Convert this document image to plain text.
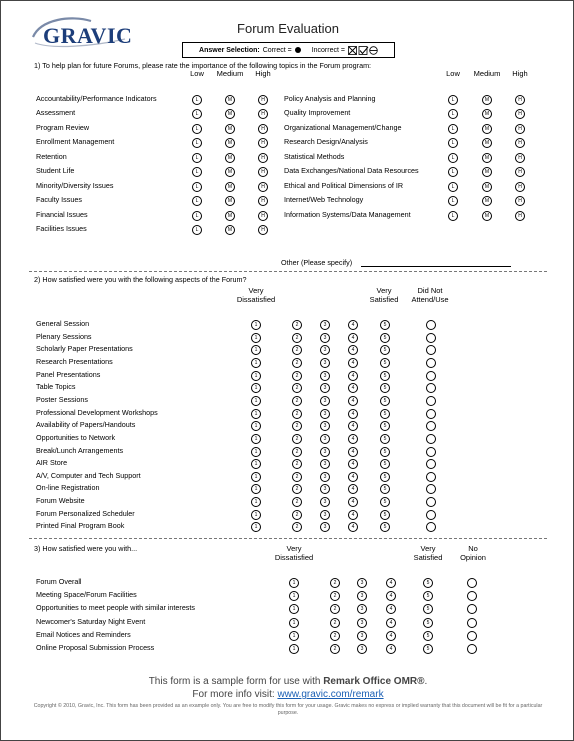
GRAVIC	Forum Evaluation
Answer Selection: Correct =	Incorrect =
1) To help plan for future Forums, please rate the importance of the following topics in the Forum program:
Low	Medium	High	Low	Medium	High
Accountability/Performance Indicators	L	M	H
Assessment	L	M	H
Program Review	L	M	H
Enrollment Management	L	M	H
Retention	L	M	H
Student Life	L	M	H
Minority/Diversity Issues	L	M	H
Faculty Issues	L	M	H
Financial Issues	L	M	H
Facilities Issues	L	M	H
Policy Analysis and Planning	L	M	H
Quality Improvement	L	M	H
Organizational Management/Change	L	M	H
Research Design/Analysis	L	M	H
Statistical Methods	L	M	H
Data Exchanges/National Data Resources	L	M	H
Ethical and Political Dimensions of IR	L	M	H
Internet/Web Technology	L	M	H
Information Systems/Data Management	L	M	H
Other (Please specify)
2) How satisfied were you with the following aspects of the Forum?
Very
Dissatisfied
Very
Satisfied
Did Not
Attend/Use
General Session	1	2	3	4	5
Plenary Sessions	1	2	3	4	5
Scholarly Paper Presentations	1	2	3	4	5
Research Presentations	1	2	3	4	5
Panel Presentations	1	2	3	4	5
Table Topics	1	2	3	4	5
Poster Sessions	1	2	3	4	5
Professional Development Workshops	1	2	3	4	5
Availability of Papers/Handouts	1	2	3	4	5
Opportunities to Network	1	2	3	4	5
Break/Lunch Arrangements	1	2	3	4	5
AIR Store	1	2	3	4	5
A/V, Computer and Tech Support	1	2	3	4	5
On-line Registration	1	2	3	4	5
Forum Website	1	2	3	4	5
Forum Personalized Scheduler	1	2	3	4	5
Printed Final Program Book	1	2	3	4	5
3) How satisfied were you with...	Very
Dissatisfied
Very
Satisfied
No
Opinion
Forum Overall	1	2	3	4	5
Meeting Space/Forum Facilities	1	2	3	4	5
Opportunities to meet people with similar interests	1	2	3	4	5
Newcomer's Saturday Night Event	1	2	3	4	5
Email Notices and Reminders	1	2	3	4	5
Online Proposal Submission Process	1	2	3	4	5
This form is a sample form for use with Remark Office OMR®.
For more info visit: www.gravic.com/remark
Copyright © 2010, Gravic, Inc. This form has been provided as an example only. You are free to modify this form for your usage. Gravic makes no express or implied warranty that this document will be fit for a particular purpose.
